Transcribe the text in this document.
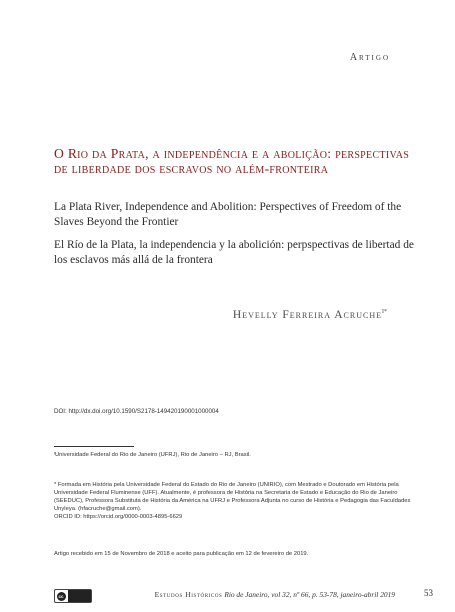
Artigo
O Rio da Prata, a independência e a abolição: perspectivas de liberdade dos escravos no além-fronteira
La Plata River, Independence and Abolition: Perspectives of Freedom of the Slaves Beyond the Frontier
El Río de la Plata, la independencia y la abolición: perpspectivas de libertad de los esclavos más allá de la frontera
Hevelly Ferreira Acruche$^{I*}$
DOI: http://dx.doi.org/10.1590/S2178-149420190001000004

ᴵUniversidade Federal do Rio de Janeiro (UFRJ), Rio de Janeiro – RJ, Brasil.

* Formada em História pela Universidade Federal do Estado do Rio de Janeiro (UNIRIO), com Mestrado e Doutorado em História pela Universidade Federal Fluminense (UFF). Atualmente, é professora de História na Secretaria de Estado e Educação do Rio de Janeiro (SEEDUC), Professora Substituta de História da América na UFRJ e Professora Adjunta no curso de História e Pedagogia das Faculdades Unyleya. (hfacruche@gmail.com).

ORCID ID: https://orcid.org/0000-0003-4895-6629

Artigo recebido em 15 de Novembro de 2018 e aceito para publicação em 12 de fevereiro de 2019.

cc	Estudos Históricos Rio de Janeiro, vol 32, nº 66, p. 53-78, janeiro-abril 2019	53
